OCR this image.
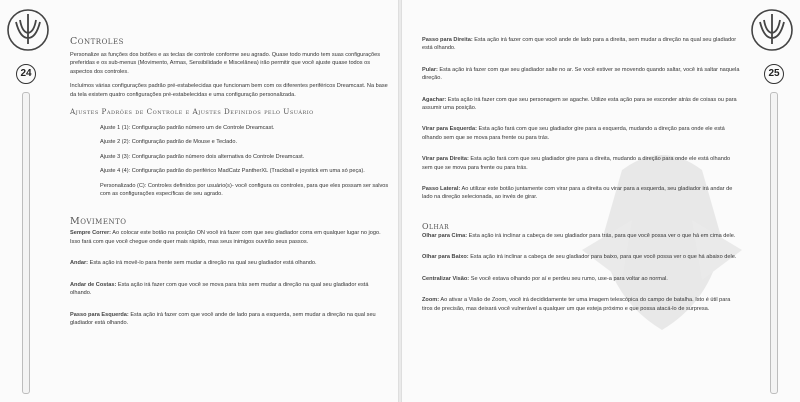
24
Controles

Personalize as funções dos botões e as teclas de controle conforme seu agrado. Quase todo mundo tem suas configurações preferidas e os sub-menus (Movimento, Armas, Sensibilidade e Miscelânea) irão permitir que você ajuste quase todos os aspectos dos controles.

Incluímos várias configurações padrão pré-estabelecidas que funcionam bem com os diferentes periféricos Dreamcast. Na base da tela existem quatro configurações pré-estabelecidas e uma configuração personalizada.

Ajustes Padrões de Controle e Ajustes Definidos pelo Usuário
Ajuste 1 (1): Configuração padrão número um de Controle Dreamcast.
Ajuste 2 (2): Configuração padrão de Mouse e Teclado.
Ajuste 3 (3): Configuração padrão número dois alternativa do Controle Dreamcast.
Ajuste 4 (4): Configuração padrão do periférico MadCatz PantherXL (Trackball e joystick em uma só peça).
Personalizado (C): Controles definidos por usuário(s)- você configura os controles, para que eles possam ser salvos com as configurações específicas de seu agrado.
Movimento

Sempre Correr: Ao colocar este botão na posição ON você irá fazer com que seu gladiador corra em qualquer lugar no jogo. Isso fará com que você chegue onde quer mais rápido, mas seus inimigos ouvirão seus passos.

Andar: Esta ação irá movê-lo para frente sem mudar a direção na qual seu gladiador está olhando.

Andar de Costas: Esta ação irá fazer com que você se mova para trás sem mudar a direção na qual seu gladiador está olhando.

Passo para Esquerda: Esta ação irá fazer com que você ande de lado para a esquerda, sem mudar a direção na qual seu gladiador está olhando.

25

Passo para Direita: Esta ação irá fazer com que você ande de lado para a direita, sem mudar a direção na qual seu gladiador está olhando.

Pular: Esta ação irá fazer com que seu gladiador salte no ar. Se você estiver se movendo quando saltar, você irá saltar naquela direção.

Agachar: Esta ação irá fazer com que seu personagem se agache. Utilize esta ação para se esconder atrás de coisas ou para assumir uma posição.

Virar para Esquerda: Esta ação fará com que seu gladiador gire para a esquerda, mudando a direção para onde ele está olhando sem que se mova para frente ou para trás.

Virar para Direita: Esta ação fará com que seu gladiador gire para a direita, mudando a direção para onde ele está olhando sem que se mova para frente ou para trás.

Passo Lateral: Ao utilizar este botão juntamente com virar para a direita ou virar para a esquerda, seu gladiador irá andar de lado na direção selecionada, ao invés de girar.

Olhar

Olhar para Cima: Esta ação irá inclinar a cabeça de seu gladiador para trás, para que você possa ver o que há em cima dele.

Olhar para Baixo: Esta ação irá inclinar a cabeça de seu gladiador para baixo, para que você possa ver o que há abaixo dele.

Centralizar Visão: Se você estava olhando por aí e perdeu seu rumo, use-a para voltar ao normal.

Zoom: Ao ativar a Visão de Zoom, você irá decididamente ter uma imagem telescópica do campo de batalha. Isto é útil para tiros de precisão, mas deixará você vulnerável a qualquer um que esteja próximo e que possa atacá-lo de surpresa.
